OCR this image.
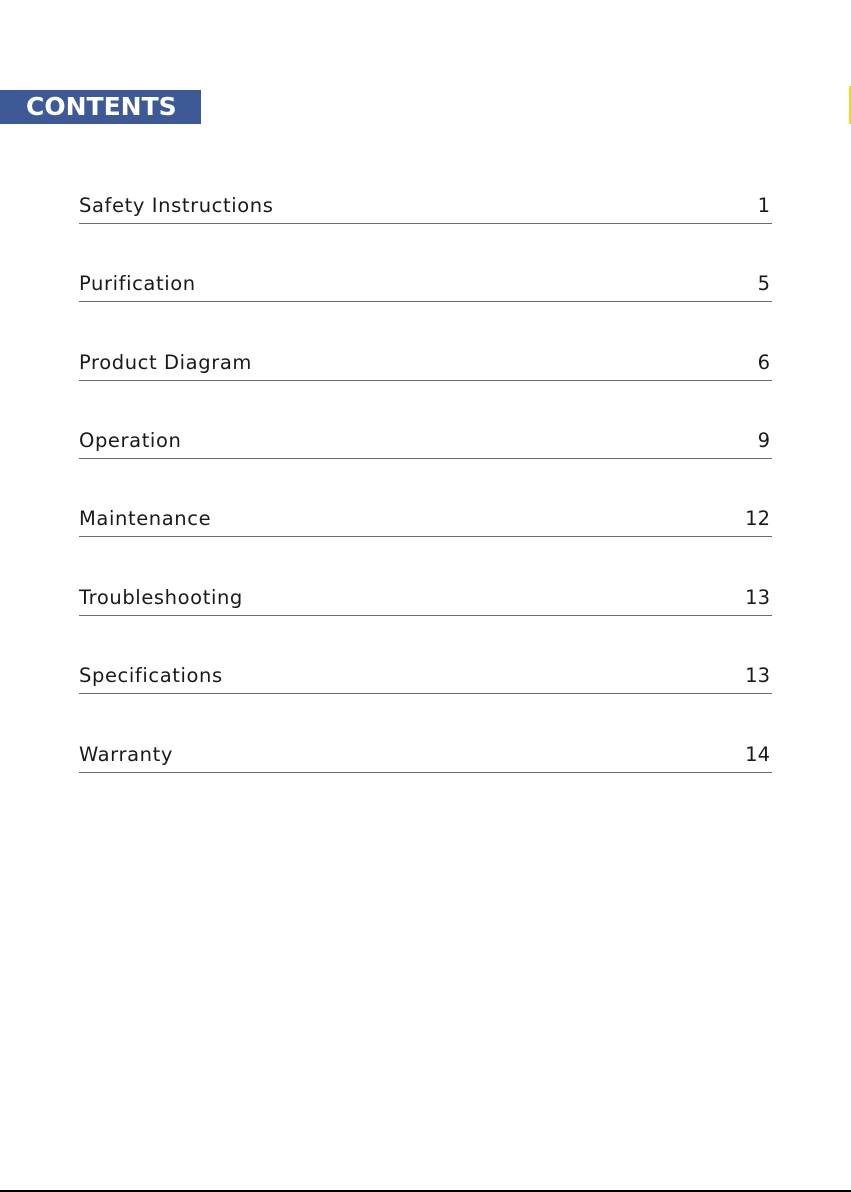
CONTENTS
Safety Instructions	1
Purification	5
Product Diagram	6
Operation	9
Maintenance	12
Troubleshooting	13
Specifications	13
Warranty	14
